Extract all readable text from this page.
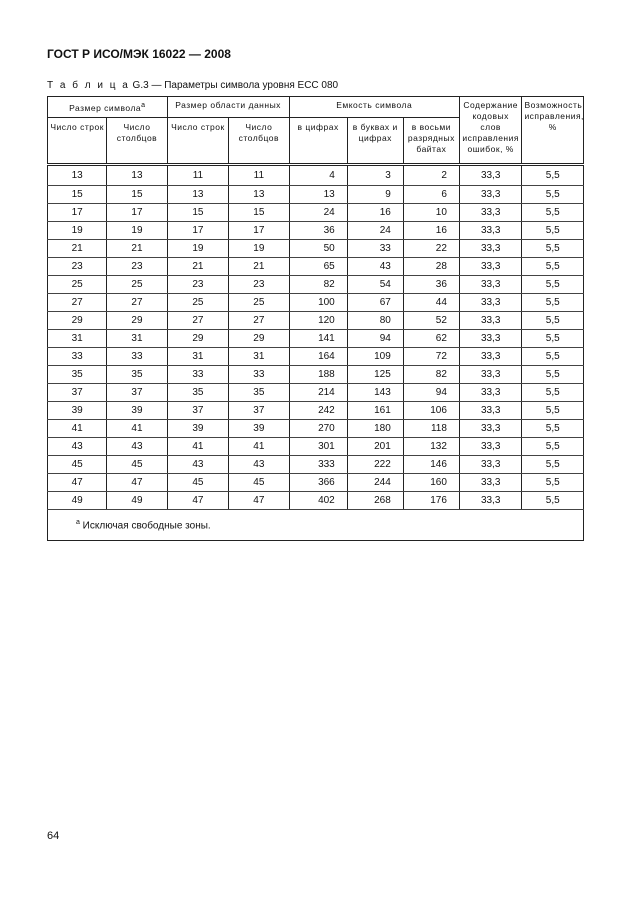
ГОСТ Р ИСО/МЭК 16022 — 2008
Т а б л и ц а G.3 — Параметры символа уровня ECC 080
Размер символа$^a$		Размер области данных		Емкость символа			Содержание кодовых слов исправления ошибок, %	Возможность исправления, %
Число строк	Число столбцов	Число строк	Число столбцов	в цифрах	в буквах и цифрах	в восьми разрядных байтах		
13	13	11	11	4	3	2	33,3	5,5
15	15	13	13	13	9	6	33,3	5,5
17	17	15	15	24	16	10	33,3	5,5
19	19	17	17	36	24	16	33,3	5,5
21	21	19	19	50	33	22	33,3	5,5
23	23	21	21	65	43	28	33,3	5,5
25	25	23	23	82	54	36	33,3	5,5
27	27	25	25	100	67	44	33,3	5,5
29	29	27	27	120	80	52	33,3	5,5
31	31	29	29	141	94	62	33,3	5,5
33	33	31	31	164	109	72	33,3	5,5
35	35	33	33	188	125	82	33,3	5,5
37	37	35	35	214	143	94	33,3	5,5
39	39	37	37	242	161	106	33,3	5,5
41	41	39	39	270	180	118	33,3	5,5
43	43	41	41	301	201	132	33,3	5,5
45	45	43	43	333	222	146	33,3	5,5
47	47	45	45	366	244	160	33,3	5,5
49	49	47	47	402	268	176	33,3	5,5
$^a$ Исключая свободные зоны.								
64
